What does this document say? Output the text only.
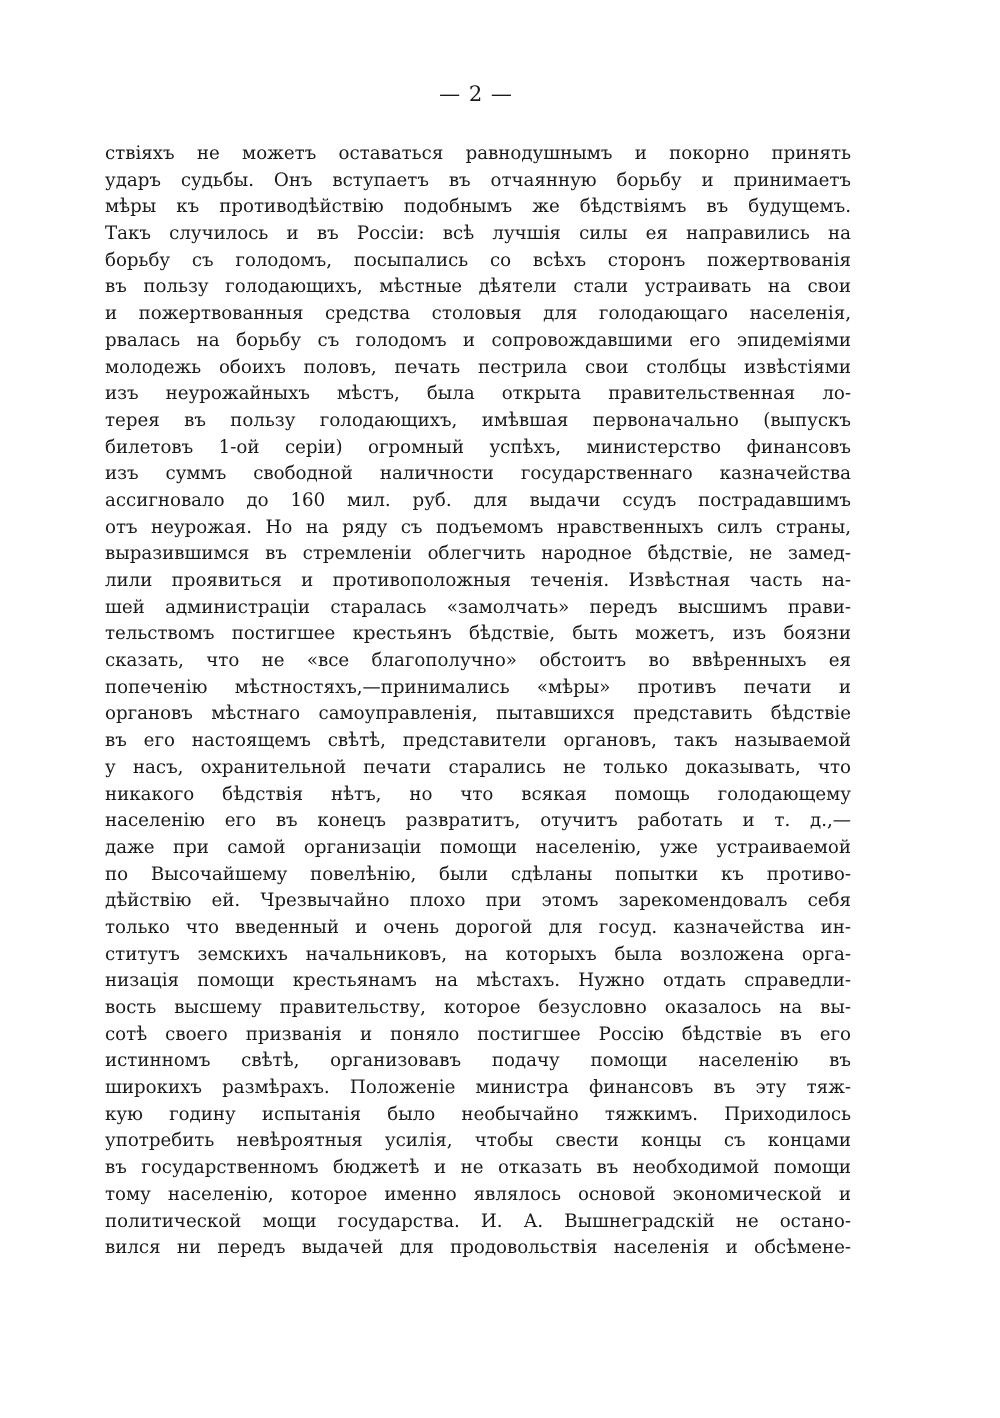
— 2 —
ствіяхъ не можетъ оставаться равнодушнымъ и покорно принять
ударъ судьбы. Онъ вступаетъ въ отчаянную борьбу и принимаетъ
мѣры къ противодѣйствію подобнымъ же бѣдствіямъ въ будущемъ.
Такъ случилось и въ Россіи: всѣ лучшія силы ея направились на
борьбу съ голодомъ, посыпались со всѣхъ сторонъ пожертвованія
въ пользу голодающихъ, мѣстные дѣятели стали устраивать на свои
и пожертвованныя средства столовыя для голодающаго населенія,
рвалась на борьбу съ голодомъ и сопровождавшими его эпидеміями
молодежь обоихъ половъ, печать пестрила свои столбцы извѣстіями
изъ неурожайныхъ мѣстъ, была открыта правительственная ло-
терея въ пользу голодающихъ, имѣвшая первоначально (выпускъ
билетовъ 1-ой серіи) огромный успѣхъ, министерство финансовъ
изъ суммъ свободной наличности государственнаго казначейства
ассигновало до 160 мил. руб. для выдачи ссудъ пострадавшимъ
отъ неурожая. Но на ряду съ подъемомъ нравственныхъ силъ страны,
выразившимся въ стремленіи облегчить народное бѣдствіе, не замед-
лили проявиться и противоположныя теченія. Извѣстная часть на-
шей администраціи старалась «замолчать» передъ высшимъ прави-
тельствомъ постигшее крестьянъ бѣдствіе, быть можетъ, изъ боязни
сказать, что не «все благополучно» обстоитъ во ввѣренныхъ ея
попеченію мѣстностяхъ,—принимались «мѣры» противъ печати и
органовъ мѣстнаго самоуправленія, пытавшихся представить бѣдствіе
въ его настоящемъ свѣтѣ, представители органовъ, такъ называемой
у насъ, охранительной печати старались не только доказывать, что
никакого бѣдствія нѣтъ, но что всякая помощь голодающему
населенію его въ конецъ развратитъ, отучитъ работать и т. д.,—
даже при самой организаціи помощи населенію, уже устраиваемой
по Высочайшему повелѣнію, были сдѣланы попытки къ противо-
дѣйствію ей. Чрезвычайно плохо при этомъ зарекомендовалъ себя
только что введенный и очень дорогой для госуд. казначейства ин-
ститутъ земскихъ начальниковъ, на которыхъ была возложена орга-
низація помощи крестьянамъ на мѣстахъ. Нужно отдать справедли-
вость высшему правительству, которое безусловно оказалось на вы-
сотѣ своего призванія и поняло постигшее Россію бѣдствіе въ его
истинномъ свѣтѣ, организовавъ подачу помощи населенію въ
широкихъ размѣрахъ. Положеніе министра финансовъ въ эту тяж-
кую годину испытанія было необычайно тяжкимъ. Приходилось
употребить невѣроятныя усилія, чтобы свести концы съ концами
въ государственномъ бюджетѣ и не отказать въ необходимой помощи
тому населенію, которое именно являлось основой экономической и
политической мощи государства. И. А. Вышнеградскій не остано-
вился ни передъ выдачей для продовольствія населенія и обсѣмене-
